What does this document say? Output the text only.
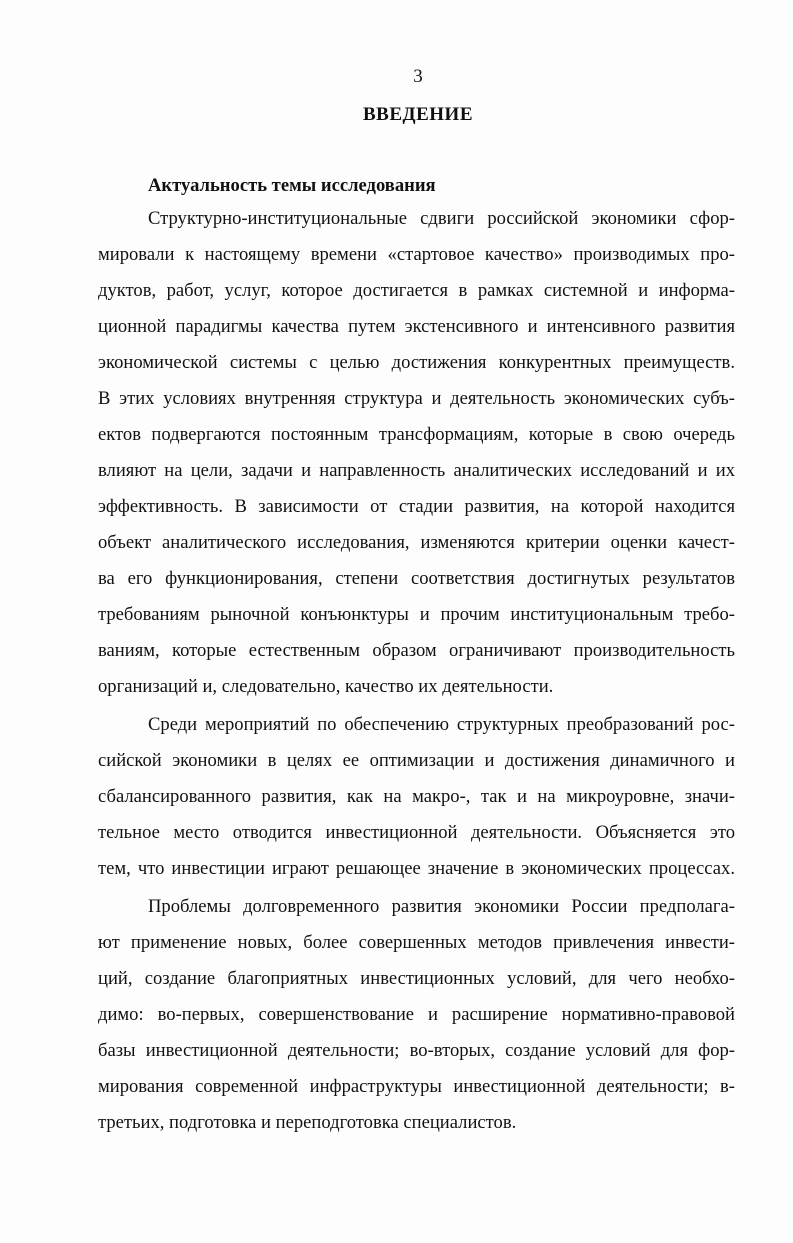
3
ВВЕДЕНИЕ
Актуальность темы исследования
Структурно-институциональные сдвиги российской экономики сфор-
мировали к настоящему времени «стартовое качество» производимых про-
дуктов, работ, услуг, которое достигается в рамках системной и информа-
ционной парадигмы качества путем экстенсивного и интенсивного развития
экономической системы с целью достижения конкурентных преимуществ.
В этих условиях внутренняя структура и деятельность экономических субъ-
ектов подвергаются постоянным трансформациям, которые в свою очередь
влияют на цели, задачи и направленность аналитических исследований и их
эффективность. В зависимости от стадии развития, на которой находится
объект аналитического исследования, изменяются критерии оценки качест-
ва его функционирования, степени соответствия достигнутых результатов
требованиям рыночной конъюнктуры и прочим институциональным требо-
ваниям, которые естественным образом ограничивают производительность
организаций и, следовательно, качество их деятельности.
Среди мероприятий по обеспечению структурных преобразований рос-
сийской экономики в целях ее оптимизации и достижения динамичного и
сбалансированного развития, как на макро-, так и на микроуровне, значи-
тельное место отводится инвестиционной деятельности. Объясняется это
тем, что инвестиции играют решающее значение в экономических процессах.
Проблемы долговременного развития экономики России предполага-
ют применение новых, более совершенных методов привлечения инвести-
ций, создание благоприятных инвестиционных условий, для чего необхо-
димо: во-первых, совершенствование и расширение нормативно-правовой
базы инвестиционной деятельности; во-вторых, создание условий для фор-
мирования современной инфраструктуры инвестиционной деятельности; в-
третьих, подготовка и переподготовка специалистов.
